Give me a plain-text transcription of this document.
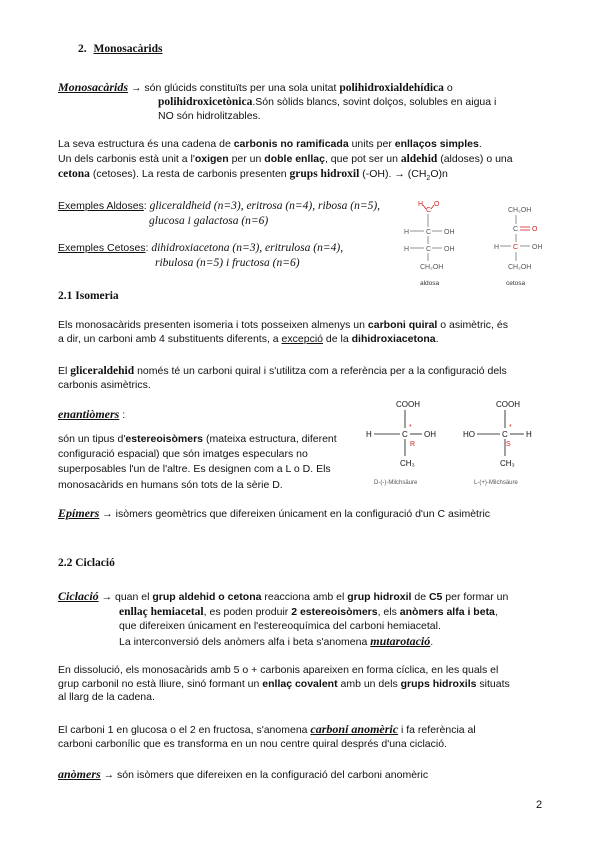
2. Monosacàrids
Monosacàrids → són glúcids constituïts per una sola unitat polihidroxialdehídica o
polihidroxicetònica.Són sòlids blancs, sovint dolços, solubles en aigua i
NO són hidrolitzables.
La seva estructura és una cadena de carbonis no ramificada units per enllaços simples.
Un dels carbonis està unit a l'oxigen per un doble enllaç, que pot ser un aldehid (aldoses) o una
cetona (cetoses). La resta de carbonis presenten grups hidroxil (-OH). → $(CH_2O)n$
Exemples Aldoses: gliceraldheid (n=3), eritrosa (n=4), ribosa (n=5),
glucosa i galactosa (n=6)
Exemples Cetoses: dihidroxiacetona (n=3), eritrulosa (n=4),
ribulosa (n=5) i fructosa (n=6)
H
C
O
H C OH
H C OH
CH₂OH
aldosa
CH₂OH
C O
H C OH
CH₂OH
cetosa
2.1 Isomeria
Els monosacàrids presenten isomeria i tots posseixen almenys un carboni quiral o asimètric, és
a dir, un carboni amb 4 substituents diferents, a excepció de la dihidroxiacetona.
El gliceraldehid només té un carboni quiral i s'utilitza com a referència per a la configuració dels
carbonis asimètrics.
enantiòmers :
són un tipus d'estereoisòmers (mateixa estructura, diferent
configuració espacial) que són imatges especulars no
superposables l'un de l'altre. Es designen com a L o D. Els
monosacàrids en humans són tots de la sèrie D.
COOH
*
H	C OH
R
CH₃
D-(-)-Milchsäure
COOH
*
HO	C H
S
CH₃
L-(+)-Milchsäure
Epímers → isòmers geomètrics que difereixen únicament en la configuració d'un C asimètric
2.2 Ciclació
Ciclació → quan el grup aldehid o cetona reacciona amb el grup hidroxil de C5 per formar un
enllaç hemiacetal, es poden produir 2 estereoisòmers, els anòmers alfa i beta,
que difereixen únicament en l'estereoquímica del carboni hemiacetal.
La interconversió dels anòmers alfa i beta s'anomena mutarotació.
En dissolució, els monosacàrids amb 5 o + carbonis apareixen en forma cíclica, en les quals el
grup carbonil no està lliure, sinó formant un enllaç covalent amb un dels grups hidroxils situats
al llarg de la cadena.
El carboni 1 en glucosa o el 2 en fructosa, s'anomena carboni anomèric i fa referència al
carboni carbonílic que es transforma en un nou centre quiral després d'una ciclació.
anòmers → són isòmers que difereixen en la configuració del carboni anomèric
2
